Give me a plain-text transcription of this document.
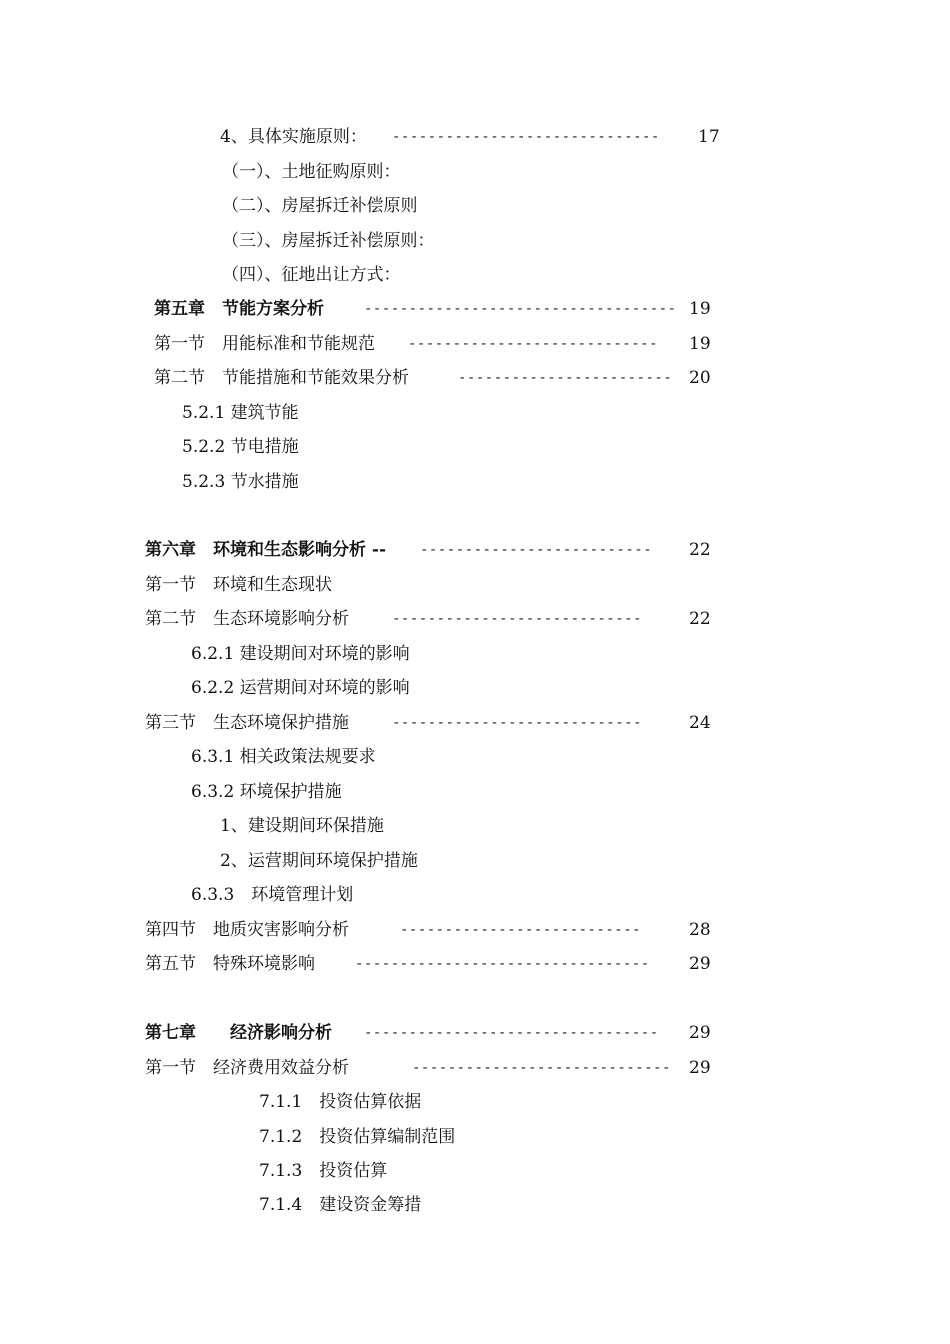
4、具体实施原则： ------------------------------	17
（一）、土地征购原则：
（二）、房屋拆迁补偿原则
（三）、房屋拆迁补偿原则：
（四）、征地出让方式：
第五章　节能方案分析	----------------------------------- 19
第一节　用能标准和节能规范 ----------------------------	19
第二节　节能措施和节能效果分析	------------------------ 20
5.2.1 建筑节能
5.2.2 节电措施
5.2.3 节水措施
第六章　环境和生态影响分析 -- --------------------------	22
第一节　环境和生态现状
第二节　生态环境影响分析	----------------------------	22
6.2.1 建设期间对环境的影响
6.2.2 运营期间对环境的影响
第三节　生态环境保护措施	----------------------------	24
6.3.1 相关政策法规要求
6.3.2 环境保护措施
1、建设期间环保措施
2、运营期间环境保护措施
6.3.3　环境管理计划
第四节　地质灾害影响分析	---------------------------	28
第五节　特殊环境影响	--------------------------------- 29
第七章　　经济影响分析 ---------------------------------	29
第一节　经济费用效益分析	-----------------------------	29
7.1.1　投资估算依据
7.1.2　投资估算编制范围
7.1.3　投资估算
7.1.4　建设资金筹措
